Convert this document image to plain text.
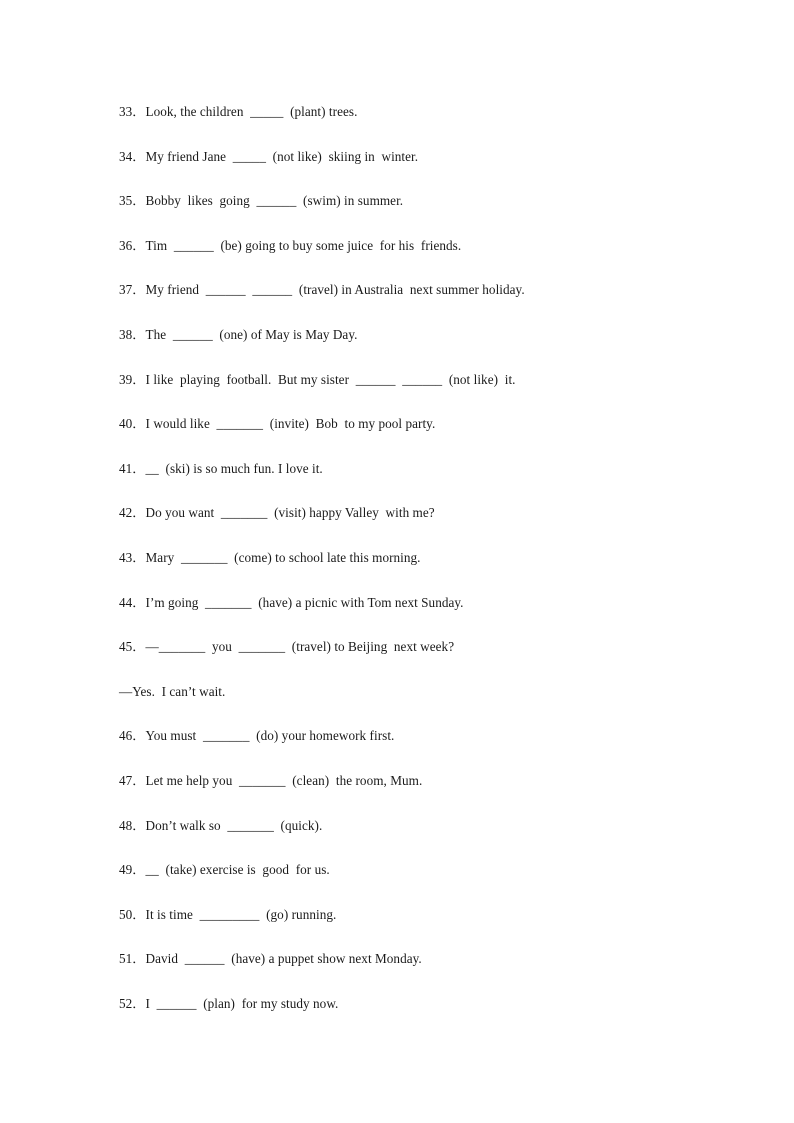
33．Look, the children  _____  (plant) trees.
34．My friend Jane  _____  (not like)  skiing in  winter.
35．Bobby  likes  going  ______  (swim) in summer.
36．Tim  ______  (be) going to buy some juice  for his  friends.
37．My friend  ______  ______  (travel) in Australia  next summer holiday.
38．The  ______  (one) of May is May Day.
39．I like  playing  football.  But my sister  ______  ______  (not like)  it.
40．I would like  _______  (invite)  Bob  to my pool party.
41．__  (ski) is so much fun. I love it.
42．Do you want  _______  (visit) happy Valley  with me?
43．Mary  _______  (come) to school late this morning.
44．I’m going  _______  (have) a picnic with Tom next Sunday.
45．—_______  you  _______  (travel) to Beijing  next week?
—Yes.  I can’t wait.
46．You must  _______  (do) your homework first.
47．Let me help you  _______  (clean)  the room, Mum.
48．Don’t walk so  _______  (quick).
49．__  (take) exercise is  good  for us.
50．It is time  _________  (go) running.
51．David  ______  (have) a puppet show next Monday.
52．I  ______  (plan)  for my study now.
